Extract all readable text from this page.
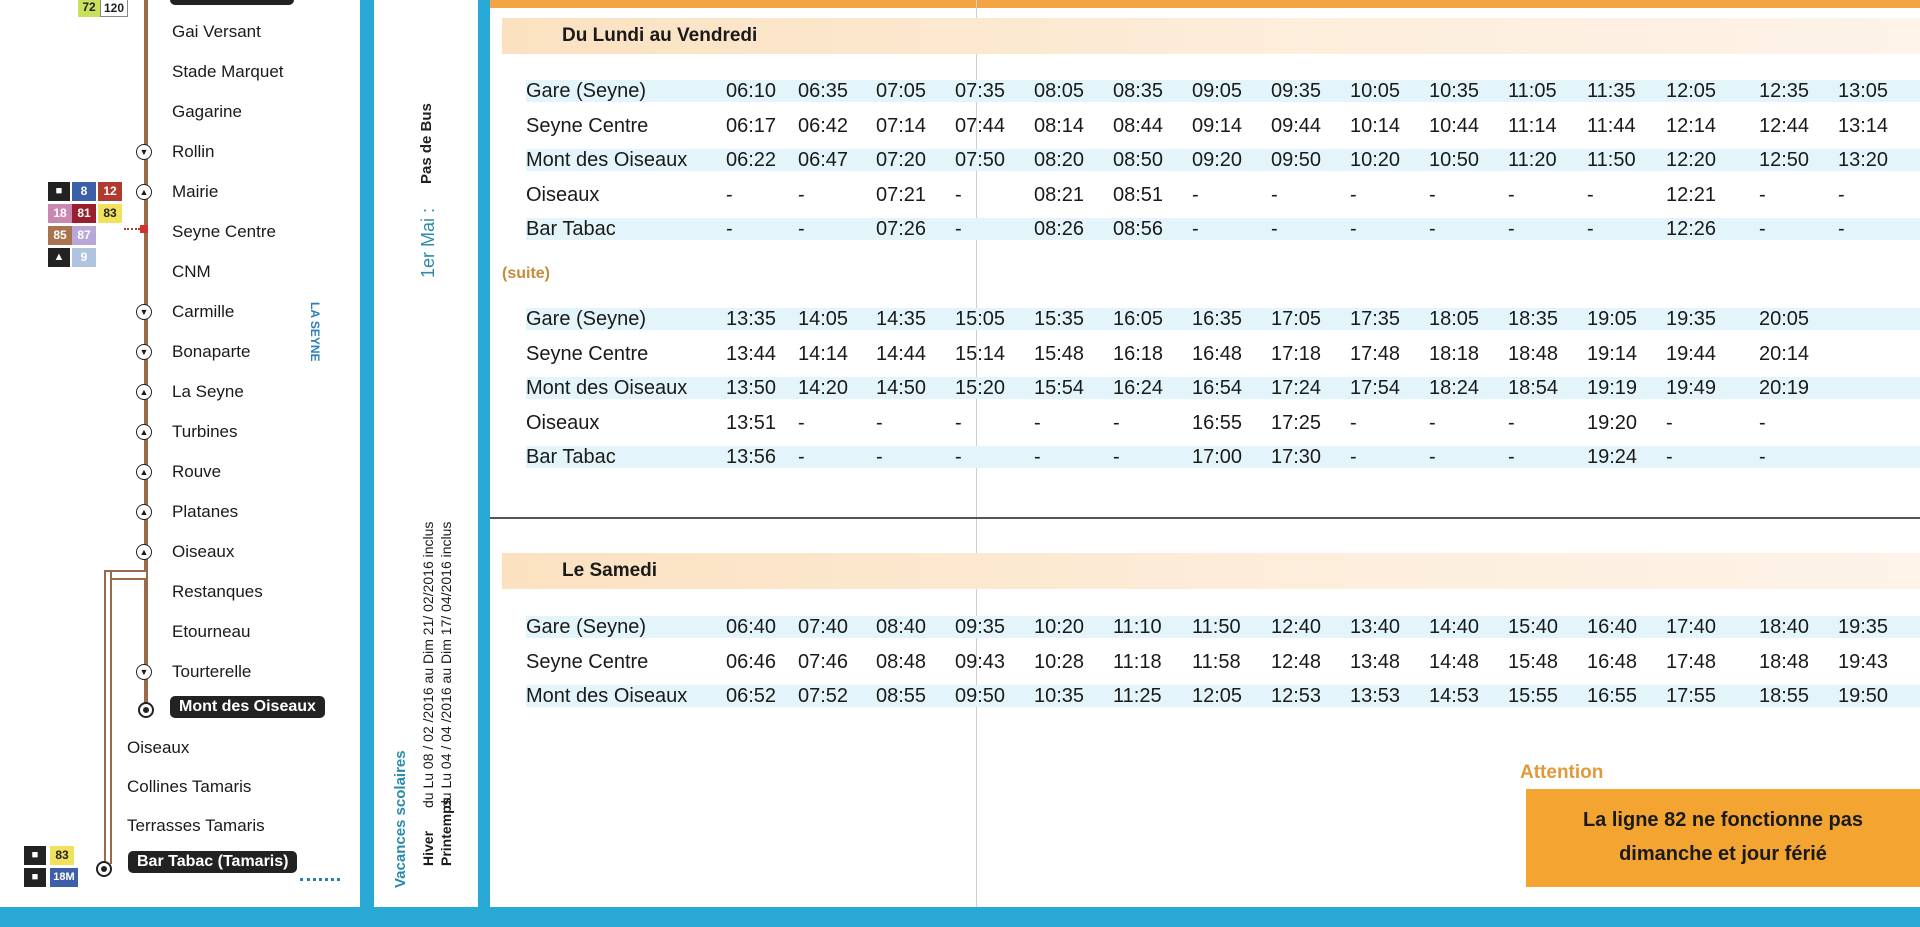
72 120
Gai Versant
Stade Marquet
Gagarine
Rollin
▼
Mairie
▲
Seyne Centre
CNM
Carmille
▼
Bonaparte
▼
La Seyne
▲
Turbines
▲
Rouve
▲
Platanes
▲
Oiseaux
▲
Restanques
Etourneau
Tourterelle
▼
Mont des Oiseaux
Oiseaux
Collines Tamaris
Terrasses Tamaris
Bar Tabac (Tamaris)
■	8	12
18 81	83
85 87
▲	9
■	83
■	18M
LA SEYNE
1er Mai :
Pas de Bus
Vacances scolaires Hiver Printemps
du Lu 08 / 02 /2016 au Dim 21/ 02/2016 inclus du Lu 04 / 04 /2016 au Dim 17/ 04/2016 inclus
Du Lundi au Vendredi
Gare (Seyne)	06:10 06:35 07:05 07:35 08:05 08:35 09:05 09:35 10:05 10:35 11:05 11:35 12:05 12:35 13:05
Seyne Centre	06:17 06:42 07:14 07:44 08:14 08:44 09:14 09:44 10:14 10:44 11:14 11:44 12:14 12:44 13:14
Mont des Oiseaux 06:22 06:47 07:20 07:50 08:20 08:50 09:20 09:50 10:20 10:50 11:20 11:50 12:20 12:50 13:20
Oiseaux	-	-	07:21 -	08:21 08:51 -	-	-	-	-	-	12:21 -	-
Bar Tabac	-	-	07:26 -	08:26 08:56 -	-	-	-	-	-	12:26 -	-
(suite)
Gare (Seyne)	13:35 14:05 14:35 15:05 15:35 16:05 16:35 17:05 17:35 18:05 18:35 19:05 19:35 20:05
Seyne Centre	13:44 14:14 14:44 15:14 15:48 16:18 16:48 17:18 17:48 18:18 18:48 19:14 19:44 20:14
Mont des Oiseaux 13:50 14:20 14:50 15:20 15:54 16:24 16:54 17:24 17:54 18:24 18:54 19:19 19:49 20:19
Oiseaux	13:51 -	-	-	-	-	16:55 17:25 -	-	-	19:20 -	-
Bar Tabac	13:56 -	-	-	-	-	17:00 17:30 -	-	-	19:24 -	-
Le Samedi
Gare (Seyne)	06:40 07:40 08:40 09:35 10:20 11:10 11:50 12:40 13:40 14:40 15:40 16:40 17:40 18:40 19:35
Seyne Centre	06:46 07:46 08:48 09:43 10:28 11:18 11:58 12:48 13:48 14:48 15:48 16:48 17:48 18:48 19:43
Mont des Oiseaux 06:52 07:52 08:55 09:50 10:35 11:25 12:05 12:53 13:53 14:53 15:55 16:55 17:55 18:55 19:50
Attention
La ligne 82 ne fonctionne pas
dimanche et jour férié
